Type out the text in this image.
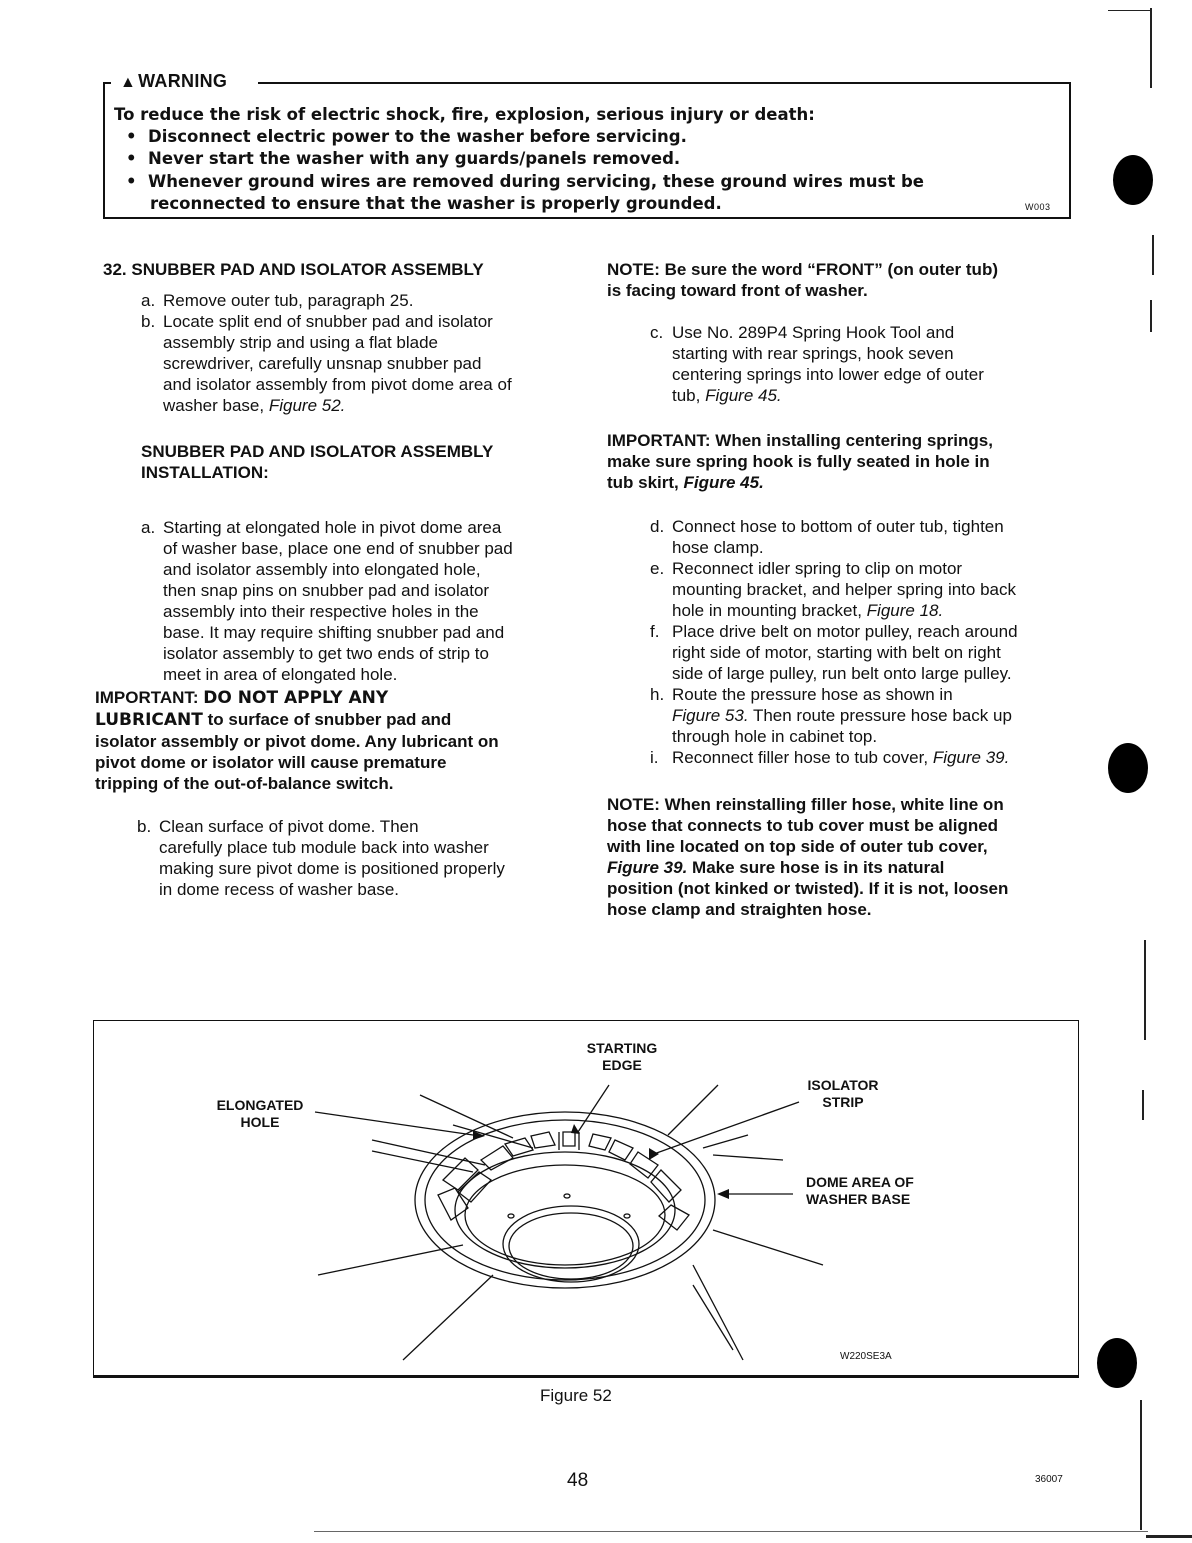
▲ WARNING
To reduce the risk of electric shock, fire, explosion, serious injury or death:
•  Disconnect electric power to the washer before servicing.
•  Never start the washer with any guards/panels removed.
•  Whenever ground wires are removed during servicing, these ground wires must be
reconnected to ensure that the washer is properly grounded.	W003
32. SNUBBER PAD AND ISOLATOR ASSEMBLY
a. Remove outer tub, paragraph 25.
b. Locate split end of snubber pad and isolator
assembly strip and using a flat blade
screwdriver, carefully unsnap snubber pad
and isolator assembly from pivot dome area of
washer base, Figure 52.
SNUBBER PAD AND ISOLATOR ASSEMBLY
INSTALLATION:
a. Starting at elongated hole in pivot dome area
of washer base, place one end of snubber pad
and isolator assembly into elongated hole,
then snap pins on snubber pad and isolator
assembly into their respective holes in the
base. It may require shifting snubber pad and
isolator assembly to get two ends of strip to
meet in area of elongated hole.
IMPORTANT: DO NOT APPLY ANY
LUBRICANT to surface of snubber pad and
isolator assembly or pivot dome. Any lubricant on
pivot dome or isolator will cause premature
tripping of the out-of-balance switch.
b. Clean surface of pivot dome. Then
carefully place tub module back into washer
making sure pivot dome is positioned properly
in dome recess of washer base.
NOTE: Be sure the word “FRONT” (on outer tub)
is facing toward front of washer.
c. Use No. 289P4 Spring Hook Tool and
starting with rear springs, hook seven
centering springs into lower edge of outer
tub, Figure 45.
IMPORTANT: When installing centering springs,
make sure spring hook is fully seated in hole in
tub skirt, Figure 45.
d. Connect hose to bottom of outer tub, tighten
hose clamp.
e. Reconnect idler spring to clip on motor
mounting bracket, and helper spring into back
hole in mounting bracket, Figure 18.
f. Place drive belt on motor pulley, reach around
right side of motor, starting with belt on right
side of large pulley, run belt onto large pulley.
h. Route the pressure hose as shown in
Figure 53. Then route pressure hose back up
through hole in cabinet top.
i. Reconnect filler hose to tub cover, Figure 39.
NOTE: When reinstalling filler hose, white line on
hose that connects to tub cover must be aligned
with line located on top side of outer tub cover,
Figure 39. Make sure hose is in its natural
position (not kinked or twisted). If it is not, loosen
hose clamp and straighten hose.
STARTING
EDGE
ELONGATED
HOLE
ISOLATOR
STRIP
DOME AREA OF
WASHER BASE
W220SE3A
Figure 52
48	36007
